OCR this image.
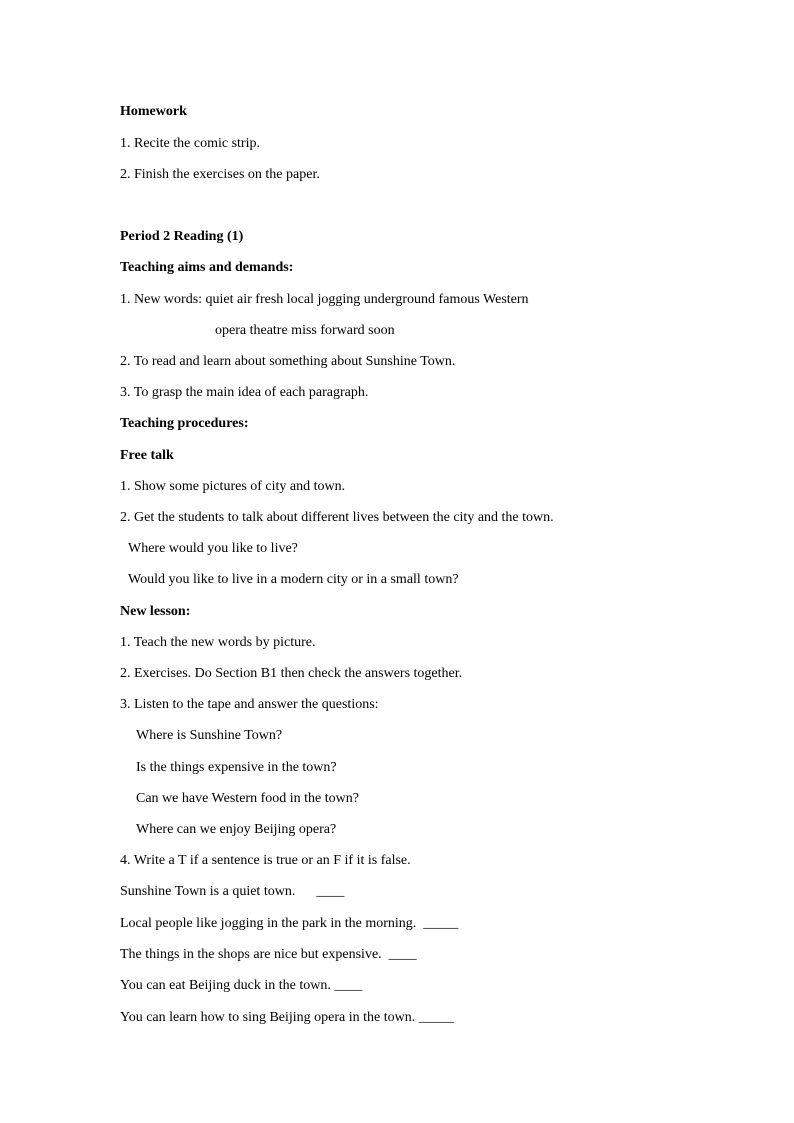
Homework
1. Recite the comic strip.
2. Finish the exercises on the paper.
Period 2 Reading (1)
Teaching aims and demands:
1. New words: quiet air fresh local jogging underground famous Western
opera theatre miss forward soon
2. To read and learn about something about Sunshine Town.
3. To grasp the main idea of each paragraph.
Teaching procedures:
Free talk
1. Show some pictures of city and town.
2. Get the students to talk about different lives between the city and the town.
Where would you like to live?
Would you like to live in a modern city or in a small town?
New lesson:
1. Teach the new words by picture.
2. Exercises. Do Section B1 then check the answers together.
3. Listen to the tape and answer the questions:
Where is Sunshine Town?
Is the things expensive in the town?
Can we have Western food in the town?
Where can we enjoy Beijing opera?
4. Write a T if a sentence is true or an F if it is false.
Sunshine Town is a quiet town.      ____
Local people like jogging in the park in the morning.  _____
The things in the shops are nice but expensive.  ____
You can eat Beijing duck in the town. ____
You can learn how to sing Beijing opera in the town. _____
